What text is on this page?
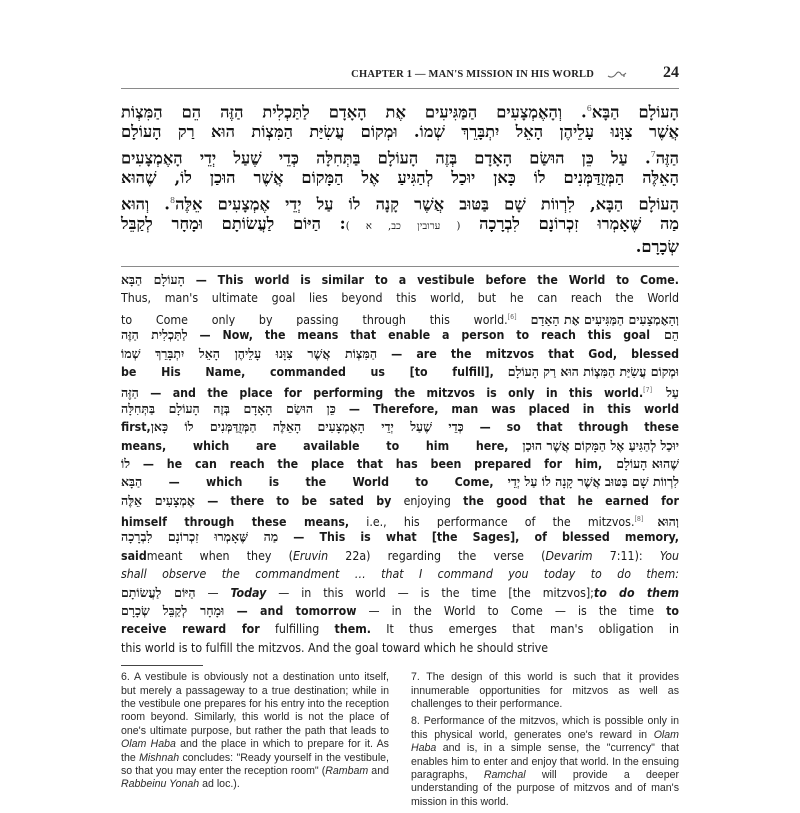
CHAPTER 1 — MAN'S MISSION IN HIS WORLD	24
הָעוֹלָם הַבָּא$^6$. וְהָאֶמְצָעִים הַמַּגִּיעִים אֶת הָאָדָם לַתַּכְלִית הַזֶּה הֵם הַמִּצְוֹת
אֲשֶׁר צִוָּנוּ עָלֵיהֶן הָאֵל יִתְבָּרֵךְ שְׁמוֹ. וּמְקוֹם עֲשִׂיַּת הַמִּצְוֹת הוּא רַק הָעוֹלָם
הַזֶּה$^7$. עַל כֵּן הוּשַׂם הָאָדָם בְּזֶה הָעוֹלָם בַּתְּחִלָּה כְּדֵי שֶׁעַל יְדֵי הָאֶמְצָעִים
הָאֵלֶּה הַמְּזֻדַּמְּנִים לוֹ כָּאן יוּכַל לְהַגִּיעַ אֶל הַמָּקוֹם אֲשֶׁר הוּכַן לוֹ, שֶׁהוּא
הָעוֹלָם הַבָּא, לִרְווֹת שָׁם בַּטּוּב אֲשֶׁר קָנָה לוֹ עַל יְדֵי אֶמְצָעִים אֵלֶּה$^8$. וְהוּא
מַה שֶּׁאָמְרוּ זִכְרוֹנָם לִבְרָכָה ( ערובין כב, א ): הַיּוֹם לַעֲשׂוֹתָם וּמָחָר לְקַבֵּל
שְׂכָרָם.
הָעוֹלָם הַבָּא — This world is similar to a vestibule before the World to Come.
Thus, man's ultimate goal lies beyond this world, but he can reach the World
to Come only by passing through this world.[6] וְהָאֶמְצָעִים הַמַּגִּיעִים אֶת הָאָדָם
לַתַּכְלִית הַזֶּה — Now, the means that enable a person to reach this goal הֵם
הַמִּצְוֹת אֲשֶׁר צִוָּנוּ עָלֵיהֶן הָאֵל יִתְבָּרֵךְ שְׁמוֹ — are the mitzvos that God, blessed
be His Name, commanded us [to fulfill], וּמְקוֹם עֲשִׂיַּת הַמִּצְוֹת הוּא רַק הָעוֹלָם
הַזֶּה — and the place for performing the mitzvos is only in this world.[7] עַל
כֵּן הוּשַׂם הָאָדָם בְּזֶה הָעוֹלָם בַּתְּחִלָּה — Therefore, man was placed in this world
first,כְּדֵי שֶׁעַל יְדֵי הָאֶמְצָעִים הָאֵלֶּה הַמְּזֻדַּמְּנִים לוֹ כָּאן — so that through these
means, which are available to him here, יוּכַל לְהַגִּיעַ אֶל הַמָּקוֹם אֲשֶׁר הוּכַן
לוֹ — he can reach the place that has been prepared for him, שֶׁהוּא הָעוֹלָם
הַבָּא — which is the World to Come, לִרְווֹת שָׁם בַּטּוּב אֲשֶׁר קָנָה לוֹ עַל יְדֵי
אֶמְצָעִים אֵלֶּה — there to be sated by enjoying the good that he earned for
himself through these means, i.e., his performance of the mitzvos.[8] וְהוּא
מַה שֶּׁאָמְרוּ זִכְרוֹנָם לִבְרָכָה — This is what [the Sages], of blessed memory,
saidmeant when they (Eruvin 22a) regarding the verse (Devarim 7:11): You
shall observe the commandment … that I command you today to do them:
הַיּוֹם לַעֲשׂוֹתָם — Today — in this world — is the time [the mitzvos];to do them
וּמָחָר לְקַבֵּל שְׂכָרָם — and tomorrow — in the World to Come — is the time to
receive reward for fulfilling them. It thus emerges that man's obligation in
this world is to fulfill the mitzvos. And the goal toward which he should strive

6. A vestibule is obviously not a destination unto itself, but merely a passageway to a true destination; while in the vestibule one prepares for his entry into the reception room beyond. Similarly, this world is not the place of one's ultimate purpose, but rather the path that leads to Olam Haba and the place in which to prepare for it. As the Mishnah concludes: "Ready yourself in the vestibule, so that you may enter the reception room" (Rambam and Rabbeinu Yonah ad loc.).

7. The design of this world is such that it provides innumerable opportunities for mitzvos as well as challenges to their performance.

8. Performance of the mitzvos, which is possible only in this physical world, generates one's reward in Olam Haba and is, in a simple sense, the "currency" that enables him to enter and enjoy that world. In the ensuing paragraphs, Ramchal will provide a deeper understanding of the purpose of mitzvos and of man's mission in this world.
